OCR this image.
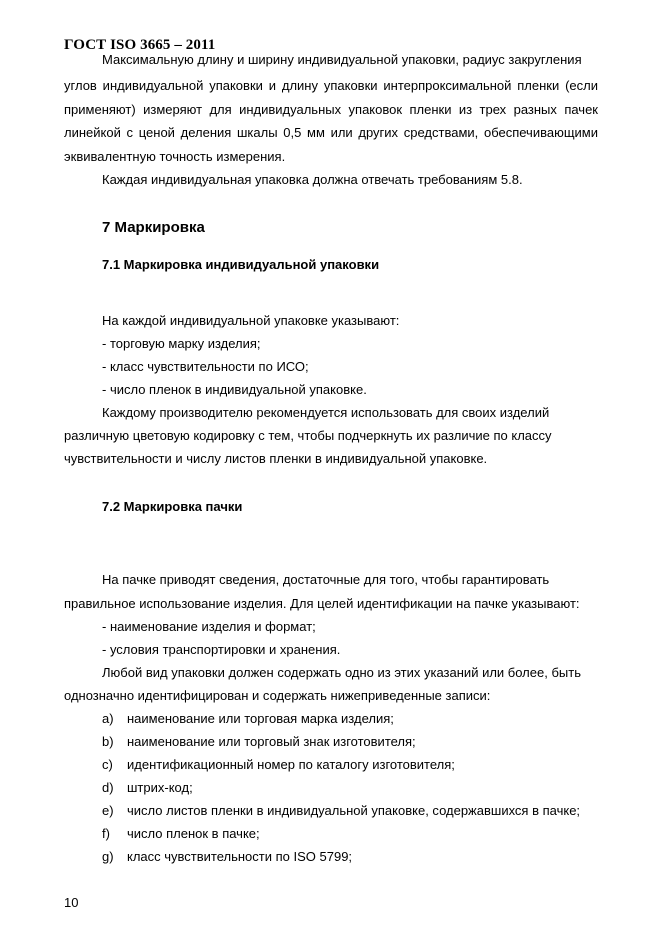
ГОСТ ISO 3665 – 2011
Максимальную длину и ширину индивидуальной упаковки, радиус закругления
углов индивидуальной упаковки и длину упаковки интерпроксимальной пленки (если
применяют) измеряют для индивидуальных упаковок пленки из трех разных пачек
линейкой с ценой деления шкалы 0,5 мм или других средствами, обеспечивающими
эквивалентную точность измерения.
Каждая индивидуальная упаковка должна отвечать требованиям 5.8.
7 Маркировка
7.1 Маркировка индивидуальной упаковки
На каждой индивидуальной упаковке указывают:
- торговую марку изделия;
- класс чувствительности по ИСО;
- число пленок в индивидуальной упаковке.
Каждому производителю рекомендуется использовать для своих изделий
различную цветовую кодировку с тем, чтобы подчеркнуть их различие по классу
чувствительности и числу листов пленки в индивидуальной упаковке.
7.2 Маркировка пачки
На пачке приводят сведения, достаточные для того, чтобы гарантировать
правильное использование изделия. Для целей идентификации на пачке указывают:
- наименование изделия и формат;
- условия транспортировки и хранения.
Любой вид упаковки должен содержать одно из этих указаний или более, быть
однозначно идентифицирован и содержать нижеприведенные записи:
a) наименование или торговая марка изделия;
b) наименование или торговый знак изготовителя;
c) идентификационный номер по каталогу изготовителя;
d) штрих-код;
e) число листов пленки в индивидуальной упаковке, содержавшихся в пачке;
f) число пленок в пачке;
g) класс чувствительности по ISO 5799;
10
